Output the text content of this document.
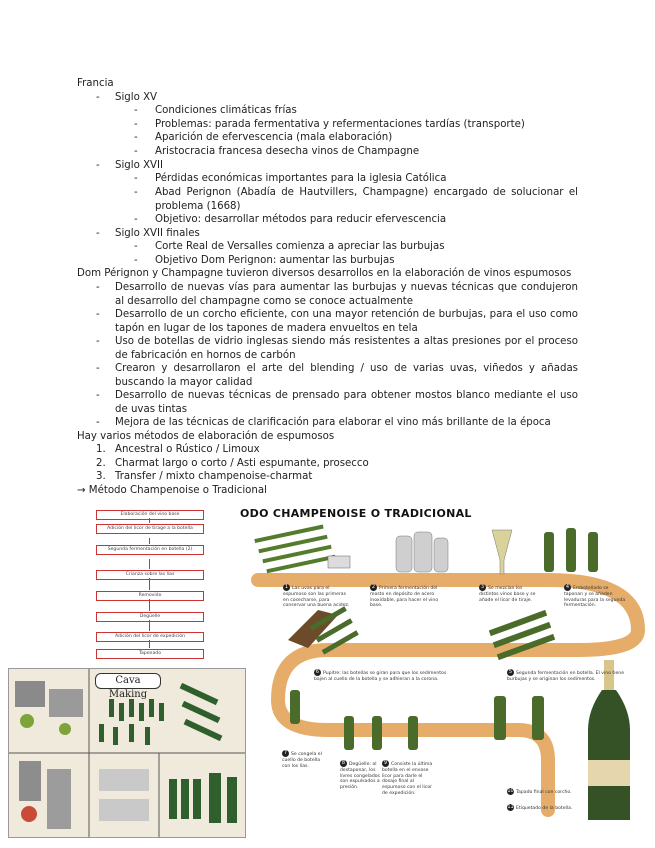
Francia
- Siglo XV
- Condiciones climáticas frías
- Problemas: parada fermentativa y refermentaciones tardías (transporte)
- Aparición de efervescencia (mala elaboración)
- Aristocracia francesa desecha vinos de Champagne
- Siglo XVII
- Pérdidas económicas importantes para la iglesia Católica
- Abad Perignon (Abadía de Hautvillers, Champagne) encargado de solucionar el problema (1668)
- Objetivo: desarrollar métodos para reducir efervescencia
- Siglo XVII finales
- Corte Real de Versalles comienza a apreciar las burbujas
- Objetivo Dom Perignon: aumentar las burbujas
Dom Pérignon y Champagne tuvieron diversos desarrollos en la elaboración de vinos espumosos
- Desarrollo de nuevas vías para aumentar las burbujas y nuevas técnicas que condujeron al desarrollo del champagne como se conoce actualmente
- Desarrollo de un corcho eficiente, con una mayor retención de burbujas, para el uso como tapón en lugar de los tapones de madera envueltos en tela
- Uso de botellas de vidrio inglesas siendo más resistentes a altas presiones por el proceso de fabricación en hornos de carbón
- Crearon y desarrollaron el arte del blending / uso de varias uvas, viñedos y añadas buscando la mayor calidad
- Desarrollo de nuevas técnicas de prensado para obtener mostos blanco mediante el uso de uvas tintas
- Mejora de las técnicas de clarificación para elaborar el vino más brillante de la época
Hay varios métodos de elaboración de espumosos
1. Ancestral o Rústico / Limoux
2. Charmat largo o corto / Asti espumante, prosecco
3. Transfer / mixto champenoise-charmat
→ Método Champenoise o Tradicional
Elaboración del vino base
Adición del licor de tirage a la botella
Segunda fermentación en botella (2)
Crianza sobre las lías
Removido
Degüelle
Adición del licor de expedición
Taponado
Cava Making
ODO CHAMPENOISE O TRADICIONAL
1 Las uvas para el espumoso son las primeras en cosecharse, para conservar una buena acidez.
2 Primera fermentación del mosto en depósito de acero inoxidable, para hacer el vino base.
3 Se mezclan los distintos vinos base y se añade el licor de tiraje.
4 Embotellado se taponan y se añaden levaduras para la segunda fermentación.
5 Segunda fermentación en botella. El vino tiene burbujas y se originan los sedimentos.
6 Pupitre: las botellas se giran para que los sedimentos bajen al cuello de la botella y se adhieran a la corona.
7 Se congela el cuello de botella con los lías.
8 Degüelle: al destaponar, los lívres congelados son expulsados a presión.
9 Consiste la última botella en el envase licor para darle el dosaje final al espumoso con el licor de expedición.	10 Tapado final con corcho.
11 Etiquetado de la botella.
